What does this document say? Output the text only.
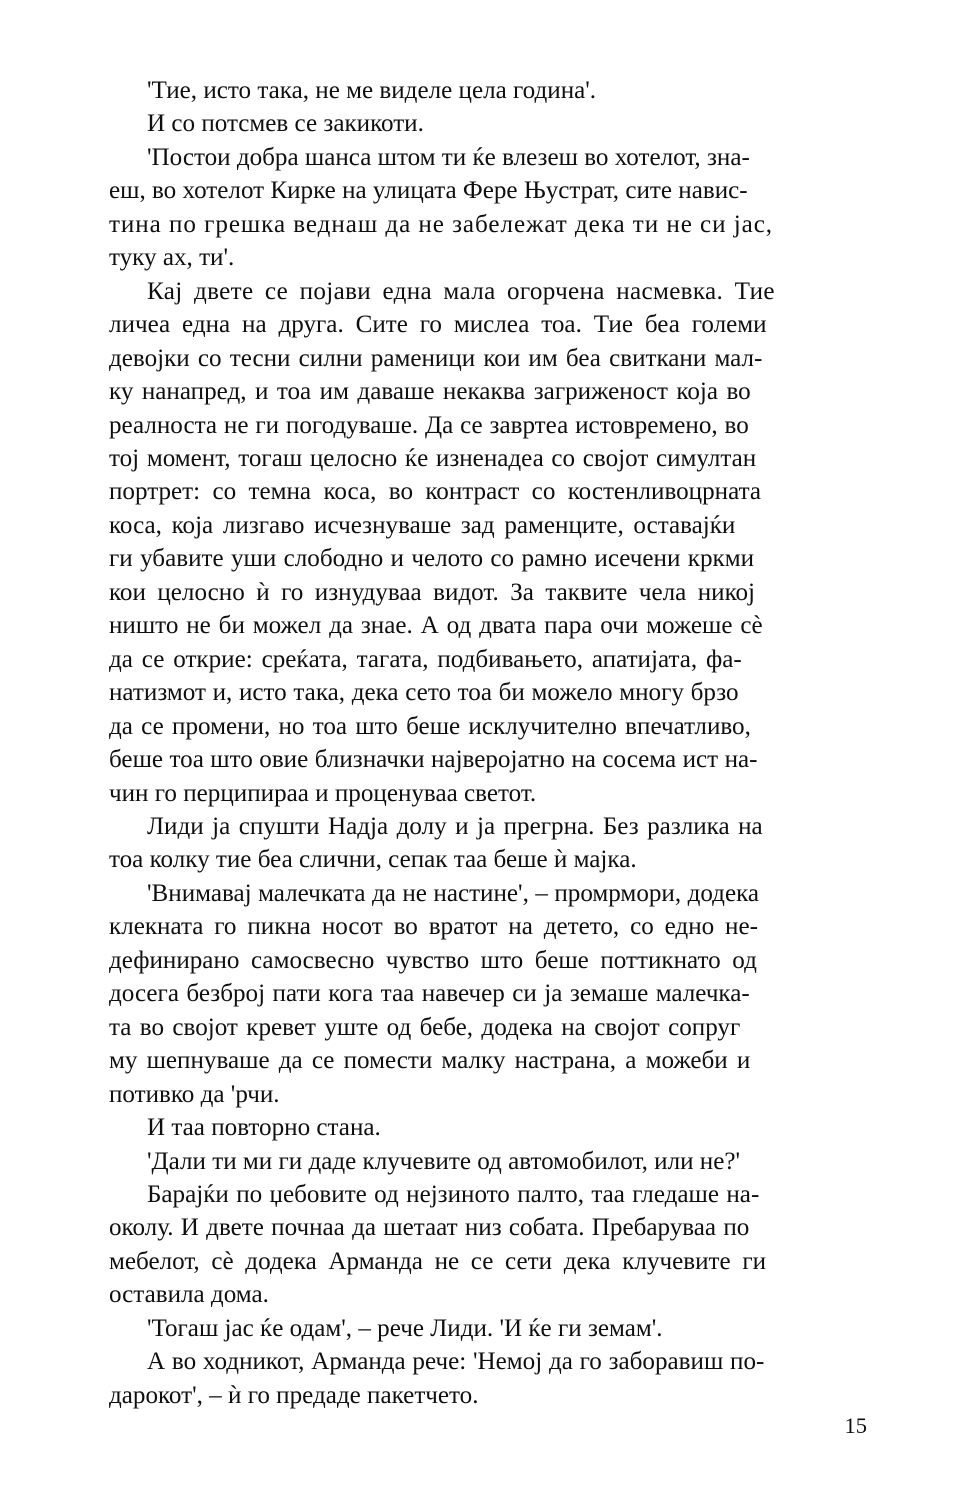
'Тие, исто така, не ме виделе цела година'.
И со потсмев се закикоти.
'Постои добра шанса штом ти ќе влезеш во хотелот, зна-
еш, во хотелот Кирке на улицата Фере Њустрат, сите навис-
тина по грешка веднаш да не забележат дека ти не си јас,
туку ах, ти'.
Кај двете се појави една мала огорчена насмевка. Тие
личеа една на друга. Сите го мислеа тоа. Тие беа големи
девојки со тесни силни раменици кои им беа свиткани мал-
ку нанапред, и тоа им даваше некаква загриженост која во
реалноста не ги погодуваше. Да се завртеа истовремено, во
тој момент, тогаш целосно ќе изненадеа со својот симултан
портрет: со темна коса, во контраст со костенливоцрната
коса, која лизгаво исчезнуваше зад раменците, оставајќи
ги убавите уши слободно и челото со рамно исечени кркми
кои целосно ѝ го изнудуваа видот. За таквите чела никој
ништо не би можел да знае. А од двата пара очи можеше сѐ
да се открие: среќата, тагата, подбивањето, апатијата, фа-
натизмот и, исто така, дека сето тоа би можело многу брзо
да се промени, но тоа што беше исклучително впечатливо,
беше тоа што овие близначки најверојатно на сосема ист на-
чин го перципираа и проценуваа светот.
Лиди ја спушти Надја долу и ја прегрна. Без разлика на
тоа колку тие беа слични, сепак таа беше ѝ мајка.
'Внимавај малечката да не настине', – промрмори, додека
клекната го пикна носот во вратот на детето, со едно не-
дефинирано самосвесно чувство што беше поттикнато од
досега безброј пати кога таа навечер си ја земаше малечка-
та во својот кревет уште од бебе, додека на својот сопруг
му шепнуваше да се помести малку настрана, а можеби и
потивко да 'рчи.
И таа повторно стана.
'Дали ти ми ги даде клучевите од автомобилот, или не?'
Барајќи по џебовите од нејзиното палто, таа гледаше на-
околу. И двете почнаа да шетаат низ собата. Пребаруваа по
мебелот, сѐ додека Арманда не се сети дека клучевите ги
оставила дома.
'Тогаш јас ќе одам', – рече Лиди. 'И ќе ги земам'.
А во ходникот, Арманда рече: 'Немој да го заборавиш по-
дарокот', – ѝ го предаде пакетчето.
15
